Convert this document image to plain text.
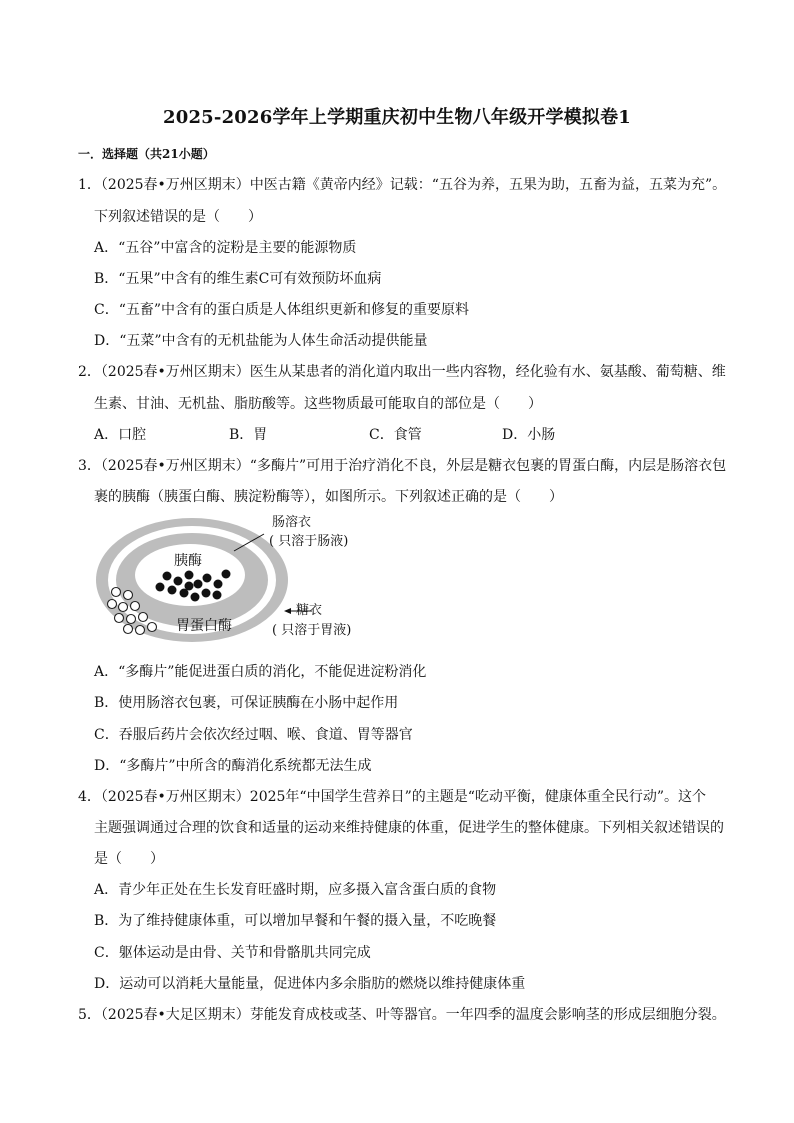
2025-2026学年上学期重庆初中生物八年级开学模拟卷1
一．选择题（共21小题）
1．（2025春•万州区期末）中医古籍《黄帝内经》记载：“五谷为养，五果为助，五畜为益，五菜为充”。
下列叙述错误的是（　　）
A．“五谷”中富含的淀粉是主要的能源物质
B．“五果”中含有的维生素C可有效预防坏血病
C．“五畜”中含有的蛋白质是人体组织更新和修复的重要原料
D．“五菜”中含有的无机盐能为人体生命活动提供能量
2．（2025春•万州区期末）医生从某患者的消化道内取出一些内容物，经化验有水、氨基酸、葡萄糖、维
生素、甘油、无机盐、脂肪酸等。这些物质最可能取自的部位是（　　）
A．口腔	B．胃	C．食管	D．小肠
3．（2025春•万州区期末）“多酶片”可用于治疗消化不良，外层是糖衣包裹的胃蛋白酶，内层是肠溶衣包
裹的胰酶（胰蛋白酶、胰淀粉酶等），如图所示。下列叙述正确的是（　　）
胰酶
胃蛋白酶
肠溶衣
( 只溶于肠液)
糖衣
( 只溶于胃液)
A．“多酶片”能促进蛋白质的消化，不能促进淀粉消化
B．使用肠溶衣包裹，可保证胰酶在小肠中起作用
C．吞服后药片会依次经过咽、喉、食道、胃等器官
D．“多酶片”中所含的酶消化系统都无法生成
4．（2025春•万州区期末）2025年“中国学生营养日”的主题是“吃动平衡，健康体重全民行动”。这个
主题强调通过合理的饮食和适量的运动来维持健康的体重，促进学生的整体健康。下列相关叙述错误的
是（　　）
A．青少年正处在生长发育旺盛时期，应多摄入富含蛋白质的食物
B．为了维持健康体重，可以增加早餐和午餐的摄入量，不吃晚餐
C．躯体运动是由骨、关节和骨骼肌共同完成
D．运动可以消耗大量能量，促进体内多余脂肪的燃烧以维持健康体重
5．（2025春•大足区期末）芽能发育成枝或茎、叶等器官。一年四季的温度会影响茎的形成层细胞分裂。
